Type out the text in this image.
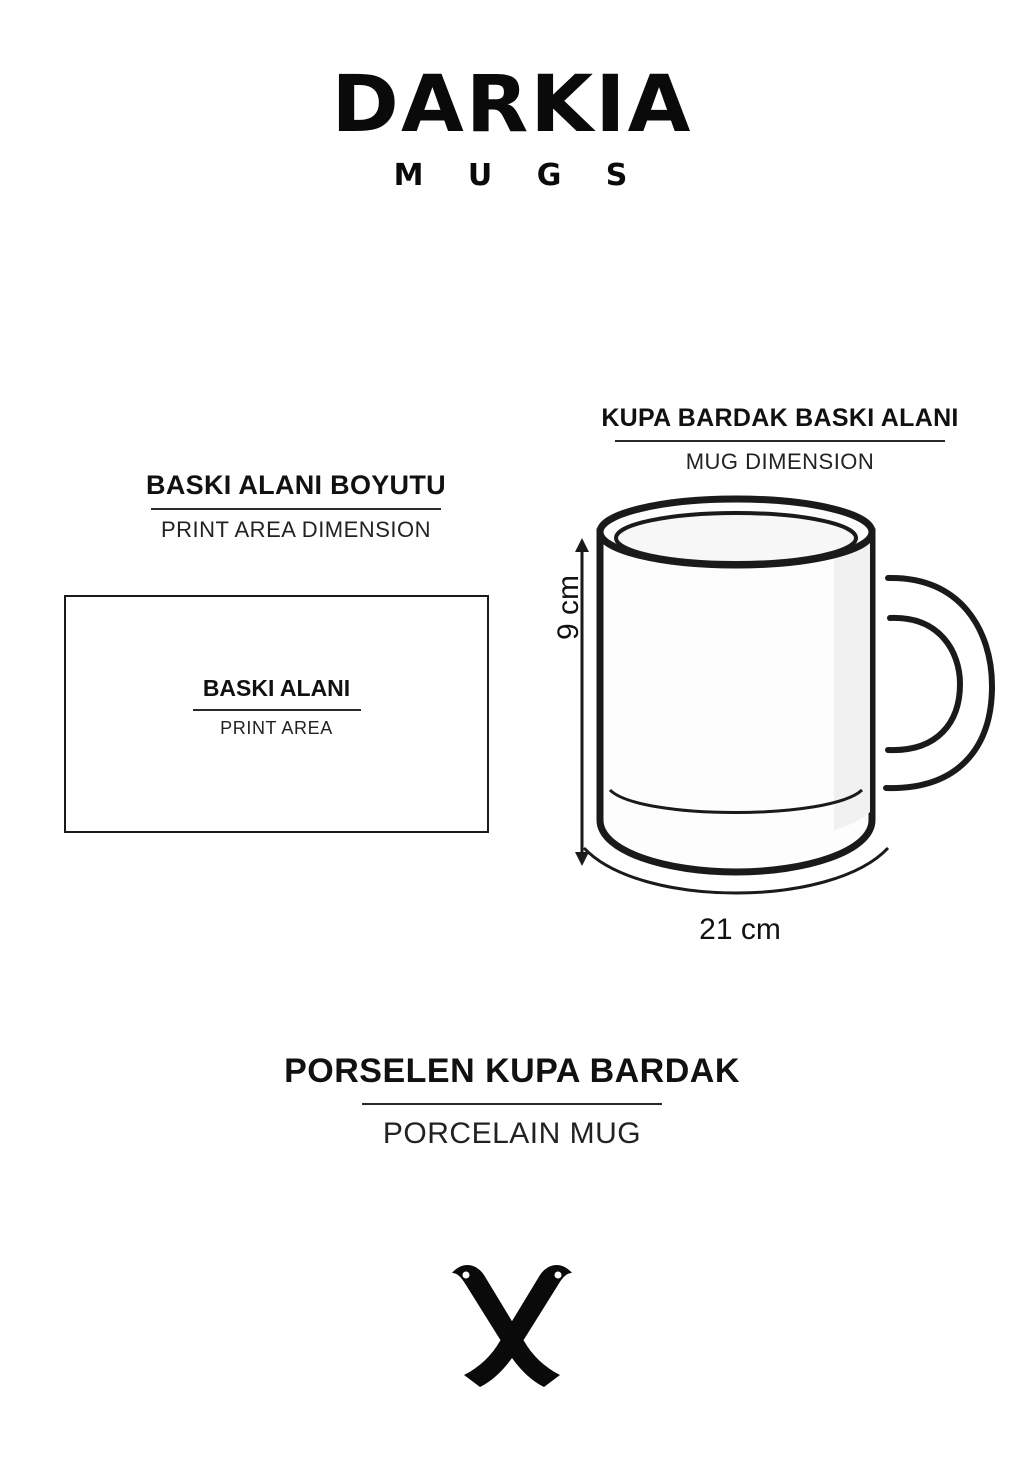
DARKIA
M U G S
BASKI ALANI BOYUTU
PRINT AREA DIMENSION
BASKI ALANI
PRINT AREA
KUPA BARDAK BASKI ALANI
MUG DIMENSION
9 cm
21 cm
PORSELEN KUPA BARDAK
PORCELAIN MUG
